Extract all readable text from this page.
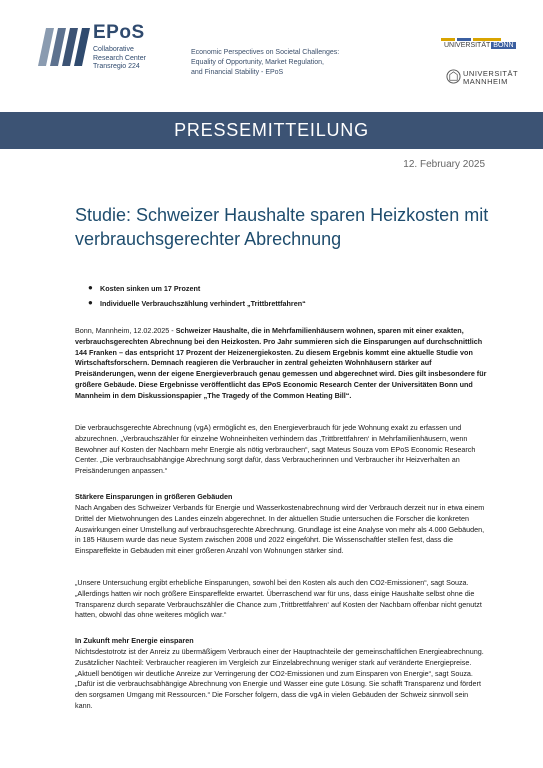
EPoS
Collaborative
Research Center
Transregio 224
Economic Perspectives on Societal Challenges:
Equality of Opportunity, Market Regulation,
and Financial Stability - EPoS
UNIVERSITÄT BONN
UNIVERSITÄT
MANNHEIM
PRESSEMITTEILUNG
12. February 2025
Studie: Schweizer Haushalte sparen Heizkosten mit verbrauchsgerechter Abrechnung
● Kosten sinken um 17 Prozent
● Individuelle Verbrauchszählung verhindert „Trittbrettfahren“
Bonn, Mannheim, 12.02.2025 - Schweizer Haushalte, die in Mehrfamilienhäusern wohnen, sparen mit einer exakten, verbrauchsgerechten Abrechnung bei den Heizkosten. Pro Jahr summieren sich die Einsparungen auf durchschnittlich 144 Franken – das entspricht 17 Prozent der Heizenergiekosten. Zu diesem Ergebnis kommt eine aktuelle Studie von Wirtschaftsforschern. Demnach reagieren die Verbraucher in zentral geheizten Wohnhäusern stärker auf Preisänderungen, wenn der eigene Energieverbrauch genau gemessen und abgerechnet wird. Dies gilt insbesondere für größere Gebäude. Diese Ergebnisse veröffentlicht das EPoS Economic Research Center der Universitäten Bonn und Mannheim in dem Diskussionspapier „The Tragedy of the Common Heating Bill“.
Die verbrauchsgerechte Abrechnung (vgA) ermöglicht es, den Energieverbrauch für jede Wohnung exakt zu erfassen und abzurechnen. „Verbrauchszähler für einzelne Wohneinheiten verhindern das ‚Trittbrettfahren‘ in Mehrfamilienhäusern, wenn Bewohner auf Kosten der Nachbarn mehr Energie als nötig verbrauchen“, sagt Mateus Souza vom EPoS Economic Research Center. „Die verbrauchsabhängige Abrechnung sorgt dafür, dass Verbraucherinnen und Verbraucher ihr Heizverhalten an Preisänderungen anpassen.“
Stärkere Einsparungen in größeren Gebäuden
Nach Angaben des Schweizer Verbands für Energie und Wasserkostenabrechnung wird der Verbrauch derzeit nur in etwa einem Drittel der Mietwohnungen des Landes einzeln abgerechnet. In der aktuellen Studie untersuchen die Forscher die konkreten Auswirkungen einer Umstellung auf verbrauchsgerechte Abrechnung. Grundlage ist eine Analyse von mehr als 4.000 Gebäuden, in 185 Häusern wurde das neue System zwischen 2008 und 2022 eingeführt. Die Wissenschaftler stellen fest, dass die Einspareffekte in Gebäuden mit einer größeren Anzahl von Wohnungen stärker sind.
„Unsere Untersuchung ergibt erhebliche Einsparungen, sowohl bei den Kosten als auch den CO2-Emissionen“, sagt Souza. „Allerdings hatten wir noch größere Einspareffekte erwartet. Überraschend war für uns, dass einige Haushalte selbst ohne die Transparenz durch separate Verbrauchszähler die Chance zum ‚Trittbrettfahren‘ auf Kosten der Nachbarn offenbar nicht genutzt hatten, obwohl das ohne weiteres möglich war.“
In Zukunft mehr Energie einsparen
Nichtsdestotrotz ist der Anreiz zu übermäßigem Verbrauch einer der Hauptnachteile der gemeinschaftlichen Energieabrechnung. Zusätzlicher Nachteil: Verbraucher reagieren im Vergleich zur Einzelabrechnung weniger stark auf veränderte Energiepreise. „Aktuell benötigen wir deutliche Anreize zur Verringerung der CO2-Emissionen und zum Einsparen von Energie“, sagt Souza. „Dafür ist die verbrauchsabhängige Abrechnung von Energie und Wasser eine gute Lösung. Sie schafft Transparenz und fördert den sorgsamen Umgang mit Ressourcen.“ Die Forscher folgern, dass die vgA in vielen Gebäuden der Schweiz sinnvoll sein kann.
